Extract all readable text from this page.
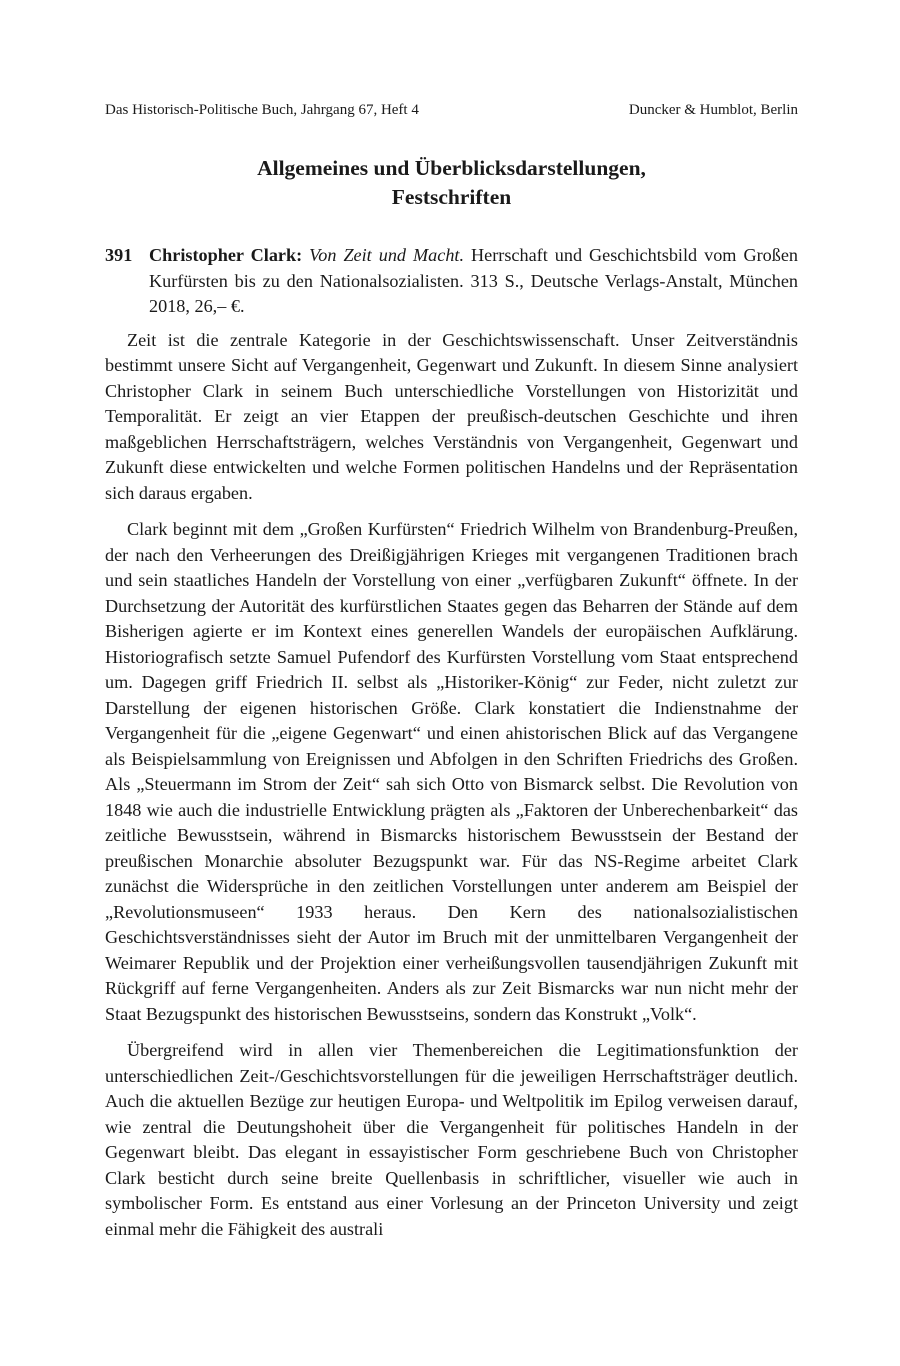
Das Historisch-Politische Buch, Jahrgang 67, Heft 4	Duncker & Humblot, Berlin
Allgemeines und Überblicksdarstellungen,
Festschriften

391 Christopher Clark: Von Zeit und Macht. Herrschaft und Geschichtsbild vom Großen Kurfürsten bis zu den Nationalsozialisten. 313 S., Deutsche Verlags-Anstalt, München 2018, 26,– €.

Zeit ist die zentrale Kategorie in der Geschichtswissenschaft. Unser Zeitverständnis bestimmt unsere Sicht auf Vergangenheit, Gegenwart und Zukunft. In diesem Sinne analysiert Christopher Clark in seinem Buch unterschiedliche Vorstellungen von Historizität und Temporalität. Er zeigt an vier Etappen der preußisch-deutschen Geschichte und ihren maßgeblichen Herrschaftsträgern, welches Verständnis von Vergangenheit, Gegenwart und Zukunft diese entwickelten und welche Formen politischen Handelns und der Repräsentation sich daraus ergaben.

Clark beginnt mit dem „Großen Kurfürsten“ Friedrich Wilhelm von Brandenburg-Preußen, der nach den Verheerungen des Dreißigjährigen Krieges mit vergangenen Traditionen brach und sein staatliches Handeln der Vorstellung von einer „verfügbaren Zukunft“ öffnete. In der Durchsetzung der Autorität des kurfürstlichen Staates gegen das Beharren der Stände auf dem Bisherigen agierte er im Kontext eines generellen Wandels der europäischen Aufklärung. Historiografisch setzte Samuel Pufendorf des Kurfürsten Vorstellung vom Staat entsprechend um. Dagegen griff Friedrich II. selbst als „Historiker-König“ zur Feder, nicht zuletzt zur Darstellung der eigenen historischen Größe. Clark konstatiert die Indienstnahme der Vergangenheit für die „eigene Gegenwart“ und einen ahistorischen Blick auf das Vergangene als Beispielsammlung von Ereignissen und Abfolgen in den Schriften Friedrichs des Großen. Als „Steuermann im Strom der Zeit“ sah sich Otto von Bismarck selbst. Die Revolution von 1848 wie auch die industrielle Entwicklung prägten als „Faktoren der Unberechenbarkeit“ das zeitliche Bewusstsein, während in Bismarcks historischem Bewusstsein der Bestand der preußischen Monarchie absoluter Bezugspunkt war. Für das NS-Regime arbeitet Clark zunächst die Widersprüche in den zeitlichen Vorstellungen unter anderem am Beispiel der „Revolutionsmuseen“ 1933 heraus. Den Kern des nationalsozialistischen Geschichtsverständnisses sieht der Autor im Bruch mit der unmittelbaren Vergangenheit der Weimarer Republik und der Projektion einer verheißungsvollen tausendjährigen Zukunft mit Rückgriff auf ferne Vergangenheiten. Anders als zur Zeit Bismarcks war nun nicht mehr der Staat Bezugspunkt des historischen Bewusstseins, sondern das Konstrukt „Volk“.

Übergreifend wird in allen vier Themenbereichen die Legitimationsfunktion der unterschiedlichen Zeit-/Geschichtsvorstellungen für die jeweiligen Herrschaftsträger deutlich. Auch die aktuellen Bezüge zur heutigen Europa- und Weltpolitik im Epilog verweisen darauf, wie zentral die Deutungshoheit über die Vergangenheit für politisches Handeln in der Gegenwart bleibt. Das elegant in essayistischer Form geschriebene Buch von Christopher Clark besticht durch seine breite Quellenbasis in schriftlicher, visueller wie auch in symbolischer Form. Es entstand aus einer Vorlesung an der Princeton University und zeigt einmal mehr die Fähigkeit des australi
